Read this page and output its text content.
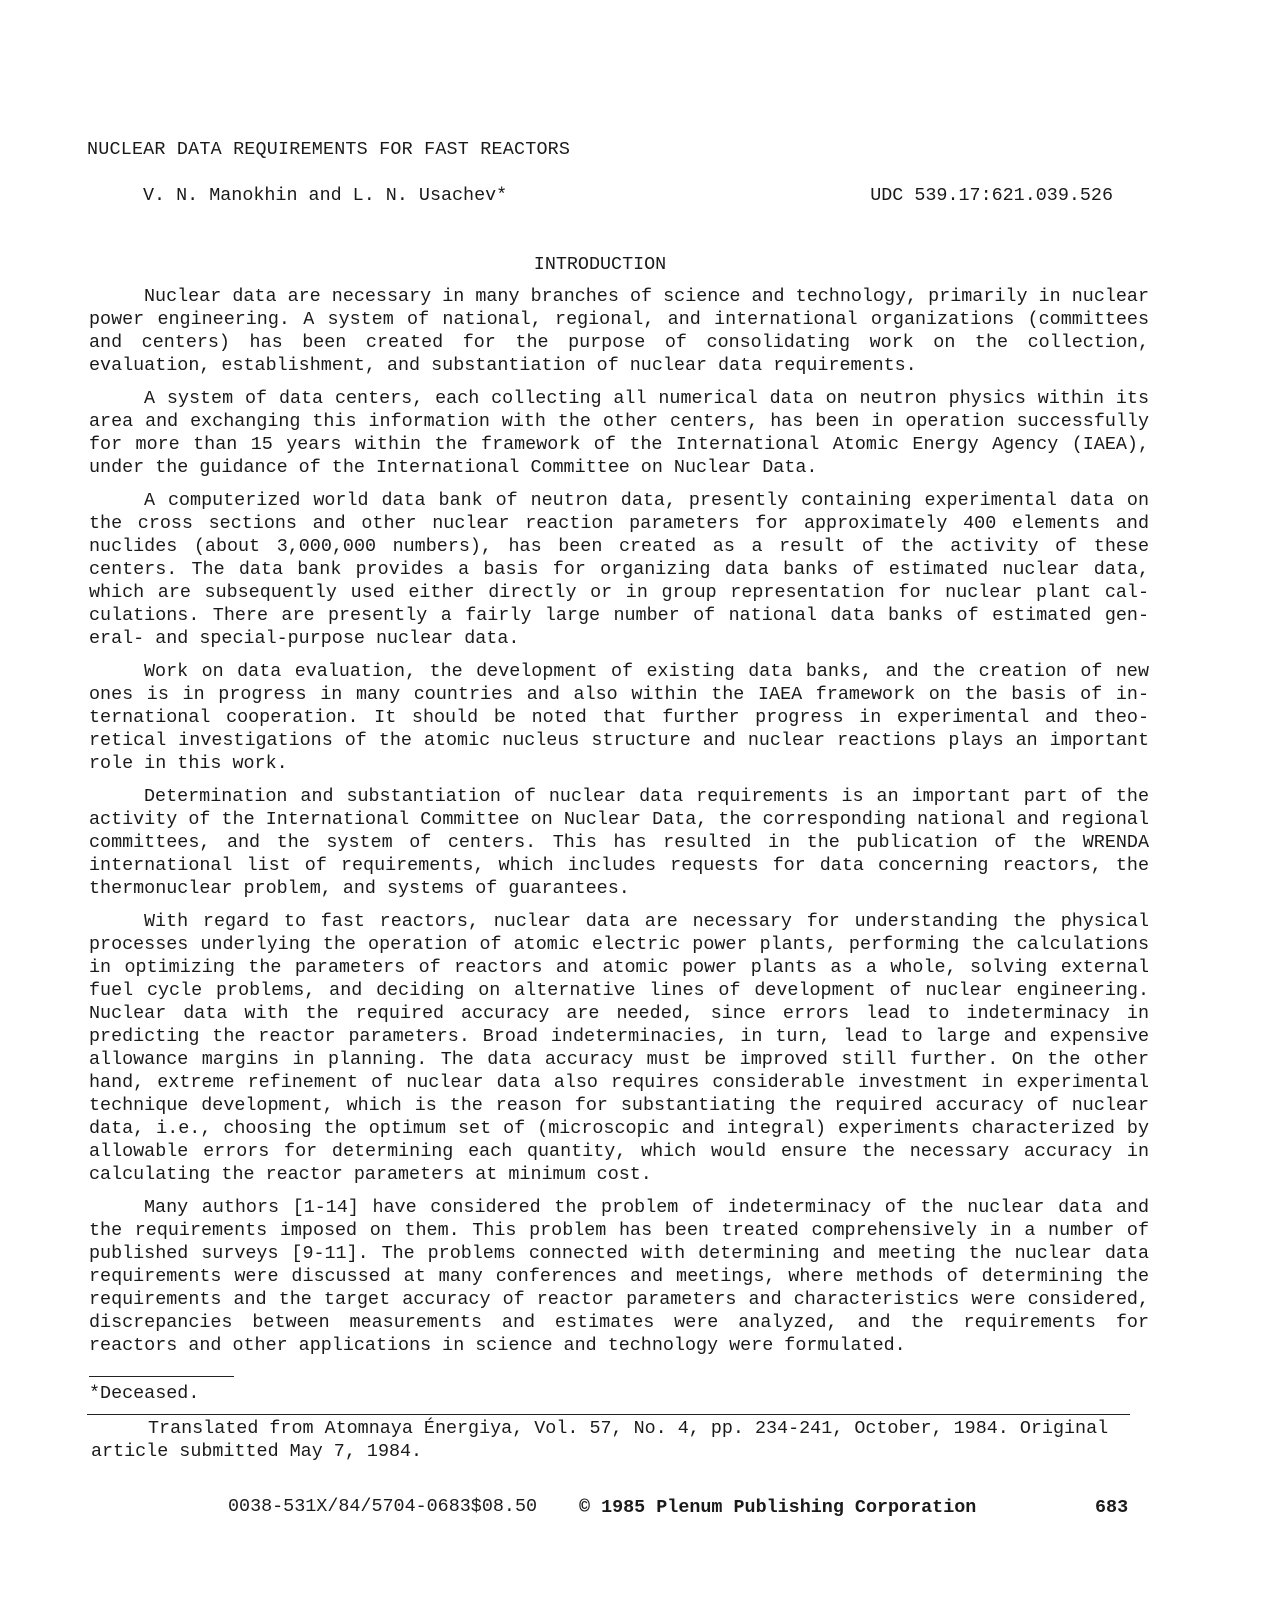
NUCLEAR DATA REQUIREMENTS FOR FAST REACTORS
V. N. Manokhin and L. N. Usachev*	UDC 539.17:621.039.526
INTRODUCTION

Nuclear data are necessary in many branches of science and technology, primarily in nuclear power engineering. A system of national, regional, and international organizations (committees and centers) has been created for the purpose of consolidating work on the collection, evaluation, establishment, and substantiation of nuclear data requirements.

A system of data centers, each collecting all numerical data on neutron physics within its area and exchanging this information with the other centers, has been in operation successfully for more than 15 years within the framework of the International Atomic Energy Agency (IAEA), under the guidance of the International Committee on Nuclear Data.

A computerized world data bank of neutron data, presently containing experimental data on the cross sections and other nuclear reaction parameters for approximately 400 elements and nuclides (about 3,000,000 numbers), has been created as a result of the activity of these centers. The data bank provides a basis for organizing data banks of estimated nuclear data, which are subsequently used either directly or in group representation for nuclear plant calculations. There are presently a fairly large number of national data banks of estimated general- and special-purpose nuclear data.

Work on data evaluation, the development of existing data banks, and the creation of new ones is in progress in many countries and also within the IAEA framework on the basis of international cooperation. It should be noted that further progress in experimental and theoretical investigations of the atomic nucleus structure and nuclear reactions plays an important role in this work.

Determination and substantiation of nuclear data requirements is an important part of the activity of the International Committee on Nuclear Data, the corresponding national and regional committees, and the system of centers. This has resulted in the publication of the WRENDA international list of requirements, which includes requests for data concerning reactors, the thermonuclear problem, and systems of guarantees.

With regard to fast reactors, nuclear data are necessary for understanding the physical processes underlying the operation of atomic electric power plants, performing the calculations in optimizing the parameters of reactors and atomic power plants as a whole, solving external fuel cycle problems, and deciding on alternative lines of development of nuclear engineering. Nuclear data with the required accuracy are needed, since errors lead to indeterminacy in predicting the reactor parameters. Broad indeterminacies, in turn, lead to large and expensive allowance margins in planning. The data accuracy must be improved still further. On the other hand, extreme refinement of nuclear data also requires considerable investment in experimental technique development, which is the reason for substantiating the required accuracy of nuclear data, i.e., choosing the optimum set of (microscopic and integral) experiments characterized by allowable errors for determining each quantity, which would ensure the necessary accuracy in calculating the reactor parameters at minimum cost.

Many authors [1-14] have considered the problem of indeterminacy of the nuclear data and the requirements imposed on them. This problem has been treated comprehensively in a number of published surveys [9-11]. The problems connected with determining and meeting the nuclear data requirements were discussed at many conferences and meetings, where methods of determining the requirements and the target accuracy of reactor parameters and characteristics were considered, discrepancies between measurements and estimates were analyzed, and the requirements for reactors and other applications in science and technology were formulated.

*Deceased.
Translated from Atomnaya Énergiya, Vol. 57, No. 4, pp. 234-241, October, 1984. Original article submitted May 7, 1984.
0038-531X/84/5704-0683$08.50 © 1985 Plenum Publishing Corporation	683
